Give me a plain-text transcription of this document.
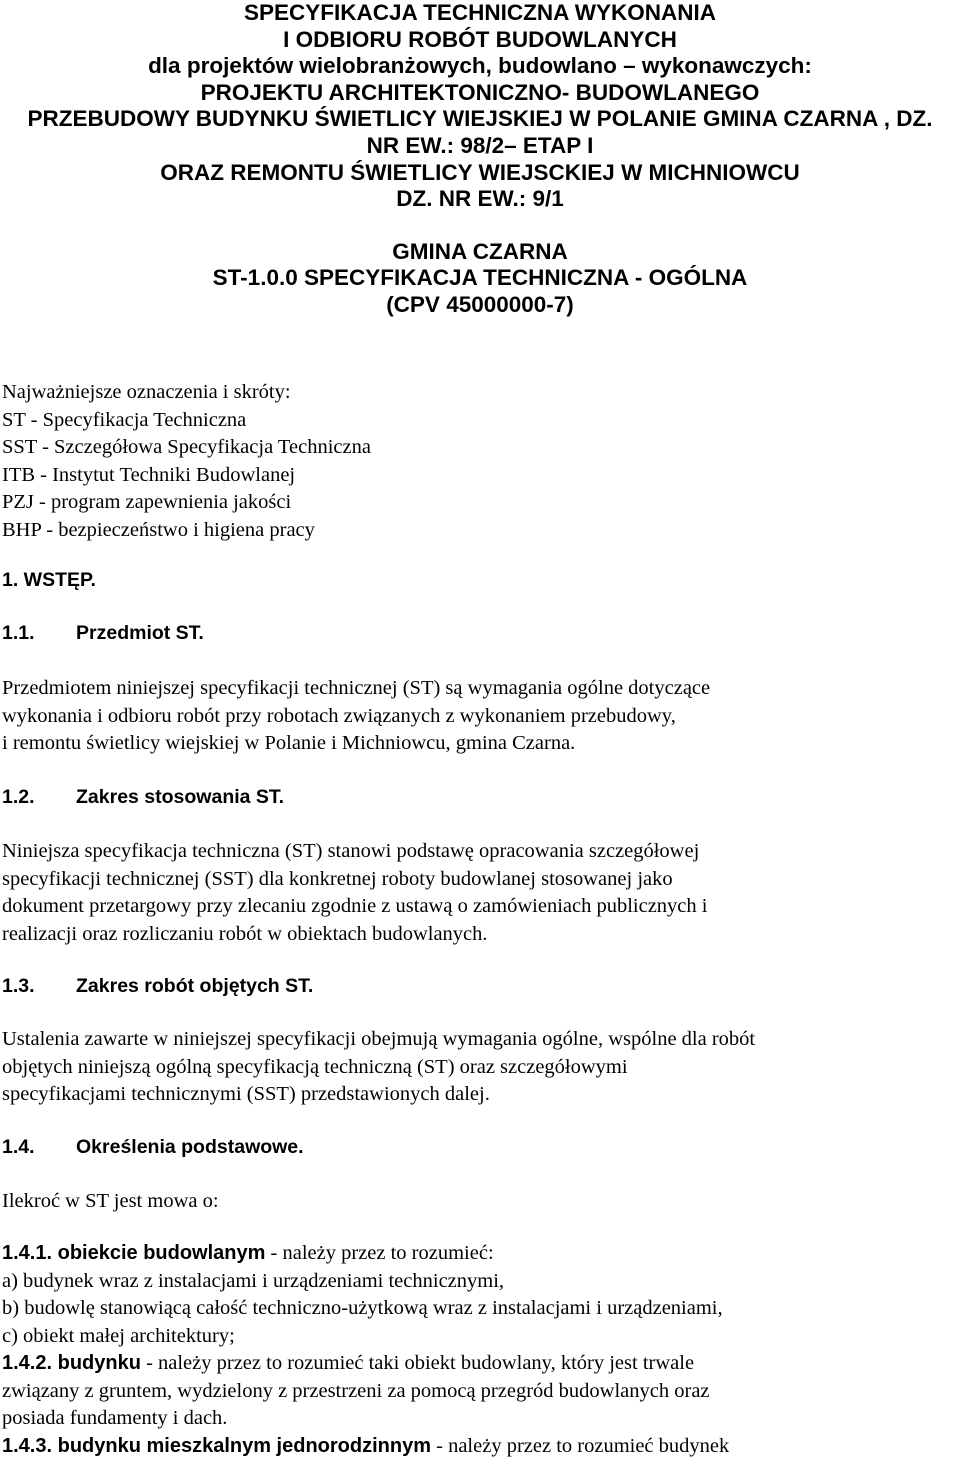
SPECYFIKACJA TECHNICZNA WYKONANIA
I ODBIORU ROBÓT BUDOWLANYCH
dla projektów wielobranżowych, budowlano – wykonawczych:
PROJEKTU ARCHITEKTONICZNO- BUDOWLANEGO
PRZEBUDOWY BUDYNKU ŚWIETLICY WIEJSKIEJ W POLANIE GMINA CZARNA , DZ.
NR EW.: 98/2– ETAP I
ORAZ REMONTU ŚWIETLICY WIEJSCKIEJ W MICHNIOWCU
DZ. NR EW.: 9/1
GMINA CZARNA
ST-1.0.0 SPECYFIKACJA TECHNICZNA - OGÓLNA
(CPV 45000000-7)
Najważniejsze oznaczenia i skróty:
ST - Specyfikacja Techniczna
SST - Szczegółowa Specyfikacja Techniczna
ITB - Instytut Techniki Budowlanej
PZJ - program zapewnienia jakości
BHP - bezpieczeństwo i higiena pracy
1. WSTĘP.
1.1. Przedmiot ST.
Przedmiotem niniejszej specyfikacji technicznej (ST) są wymagania ogólne dotyczące
wykonania i odbioru robót przy robotach związanych z wykonaniem przebudowy,
i remontu świetlicy wiejskiej w Polanie i Michniowcu, gmina Czarna.
1.2. Zakres stosowania ST.
Niniejsza specyfikacja techniczna (ST) stanowi podstawę opracowania szczegółowej
specyfikacji technicznej (SST) dla konkretnej roboty budowlanej stosowanej jako
dokument przetargowy przy zlecaniu zgodnie z ustawą o zamówieniach publicznych i
realizacji oraz rozliczaniu robót w obiektach budowlanych.
1.3. Zakres robót objętych ST.
Ustalenia zawarte w niniejszej specyfikacji obejmują wymagania ogólne, wspólne dla robót
objętych niniejszą ogólną specyfikacją techniczną (ST) oraz szczegółowymi
specyfikacjami technicznymi (SST) przedstawionych dalej.
1.4. Określenia podstawowe.
Ilekroć w ST jest mowa o:
1.4.1. obiekcie budowlanym - należy przez to rozumieć:
a) budynek wraz z instalacjami i urządzeniami technicznymi,
b) budowlę stanowiącą całość techniczno-użytkową wraz z instalacjami i urządzeniami,
c) obiekt małej architektury;
1.4.2. budynku - należy przez to rozumieć taki obiekt budowlany, który jest trwale
związany z gruntem, wydzielony z przestrzeni za pomocą przegród budowlanych oraz
posiada fundamenty i dach.
1.4.3. budynku mieszkalnym jednorodzinnym - należy przez to rozumieć budynek
